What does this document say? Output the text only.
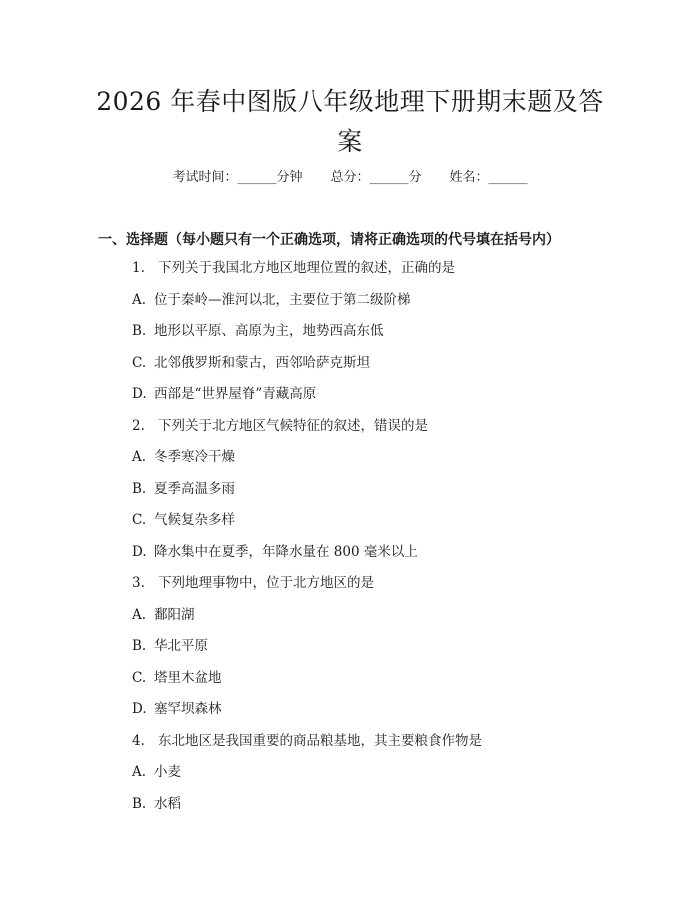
2026 年春中图版八年级地理下册期末题及答
案
考试时间：______分钟 总分：______分 姓名：______
一、选择题（每小题只有一个正确选项，请将正确选项的代号填在括号内）
1. 下列关于我国北方地区地理位置的叙述，正确的是
A. 位于秦岭—淮河以北，主要位于第二级阶梯
B. 地形以平原、高原为主，地势西高东低
C. 北邻俄罗斯和蒙古，西邻哈萨克斯坦
D. 西部是“世界屋脊”青藏高原
2. 下列关于北方地区气候特征的叙述，错误的是
A. 冬季寒冷干燥
B. 夏季高温多雨
C. 气候复杂多样
D. 降水集中在夏季，年降水量在 800 毫米以上
3. 下列地理事物中，位于北方地区的是
A. 鄱阳湖
B. 华北平原
C. 塔里木盆地
D. 塞罕坝森林
4. 东北地区是我国重要的商品粮基地，其主要粮食作物是
A. 小麦
B. 水稻
